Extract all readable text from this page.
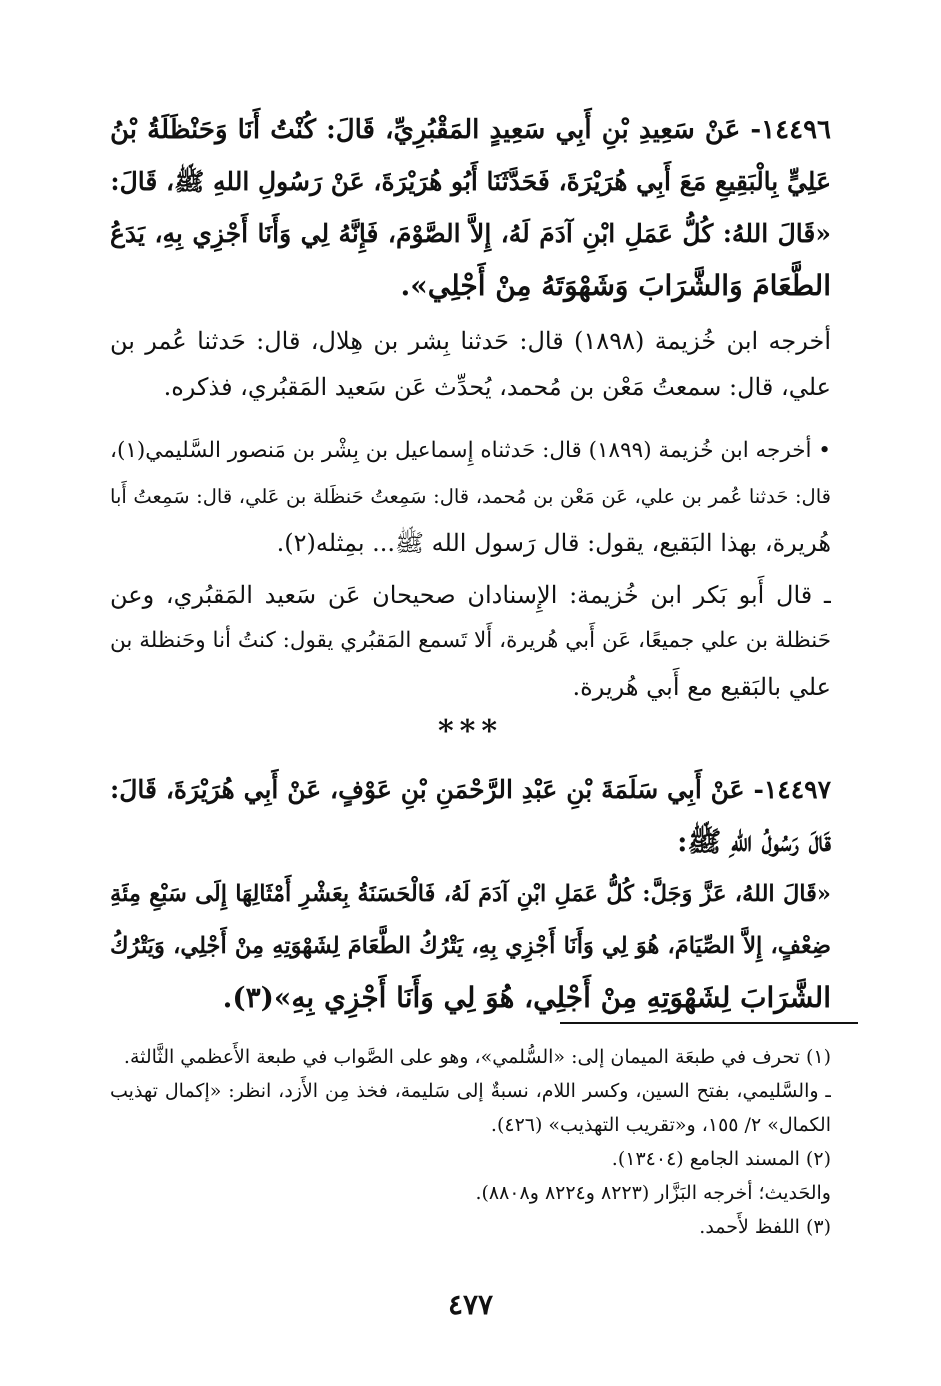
١٤٤٩٦- عَنْ سَعِيدِ بْنِ أَبِي سَعِيدٍ المَقْبُرِيِّ، قَالَ: كُنْتُ أَنَا وَحَنْظَلَةُ بْنُ
عَلِيٍّ بِالْبَقِيعِ مَعَ أَبِي هُرَيْرَةَ، فَحَدَّثَنَا أَبُو هُرَيْرَةَ، عَنْ رَسُولِ اللهِ ﷺ، قَالَ:
«قَالَ اللهُ: كُلُّ عَمَلِ ابْنِ آدَمَ لَهُ، إِلاَّ الصَّوْمَ، فَإِنَّهُ لِي وَأَنَا أَجْزِي بِهِ، يَدَعُ
الطَّعَامَ وَالشَّرَابَ وَشَهْوَتَهُ مِنْ أَجْلِي».
أخرجه ابن خُزيمة (١٨٩٨) قال: حَدثنا بِشر بن هِلال، قال: حَدثنا عُمر بن
علي، قال: سمعتُ مَعْن بن مُحمد، يُحدِّث عَن سَعيد المَقبُري، فذكره.
• أخرجه ابن خُزيمة (١٨٩٩) قال: حَدثناه إِسماعيل بن بِشْر بن مَنصور السَّليمي(١)،
قال: حَدثنا عُمر بن علي، عَن مَعْن بن مُحمد، قال: سَمِعتُ حَنظَلة بن عَلي، قال: سَمِعتُ أَبا
هُريرة، بهذا البَقيع، يقول: قال رَسول الله ﷺ... بمِثله(٢).
ـ قال أَبو بَكر ابن خُزيمة: الإِسنادان صحيحان عَن سَعيد المَقبُري، وعن
حَنظلة بن علي جميعًا، عَن أَبي هُريرة، أَلا تَسمع المَقبُري يقول: كنتُ أنا وحَنظلة بن
علي بالبَقيع مع أَبي هُريرة.
***
١٤٤٩٧- عَنْ أَبِي سَلَمَةَ بْنِ عَبْدِ الرَّحْمَنِ بْنِ عَوْفٍ، عَنْ أَبِي هُرَيْرَةَ، قَالَ:
قَالَ رَسُولُ اللهِ ﷺ:
«قَالَ اللهُ، عَزَّ وَجَلَّ: كُلُّ عَمَلِ ابْنِ آدَمَ لَهُ، فَالْحَسَنَةُ بِعَشْرِ أَمْثَالِهَا إِلَى سَبْعِ مِئَةِ
ضِعْفٍ، إِلاَّ الصِّيَامَ، هُوَ لِي وَأَنَا أَجْزِي بِهِ، يَتْرُكُ الطَّعَامَ لِشَهْوَتِهِ مِنْ أَجْلِي، وَيَتْرُكُ
الشَّرَابَ لِشَهْوَتِهِ مِنْ أَجْلِي، هُوَ لِي وَأَنَا أَجْزِي بِهِ»(٣).
(١) تحرف في طبعَة الميمان إلى: «السُّلمي»، وهو على الصَّواب في طبعة الأَعظمي الثَّالثة.
ـ والسَّليمي، بفتح السين، وكسر اللام، نسبةٌ إلى سَليمة، فخذ مِن الأَزد، انظر: «إكمال تهذيب
الكمال» ٢/ ١٥٥، و«تقريب التهذيب» (٤٢٦).
(٢) المسند الجامع (١٣٤٠٤).
والحَديث؛ أخرجه البَزَّار (٨٢٢٣ و٨٢٢٤ و٨٨٠٨).
(٣) اللفظ لأَحمد.
٤٧٧
